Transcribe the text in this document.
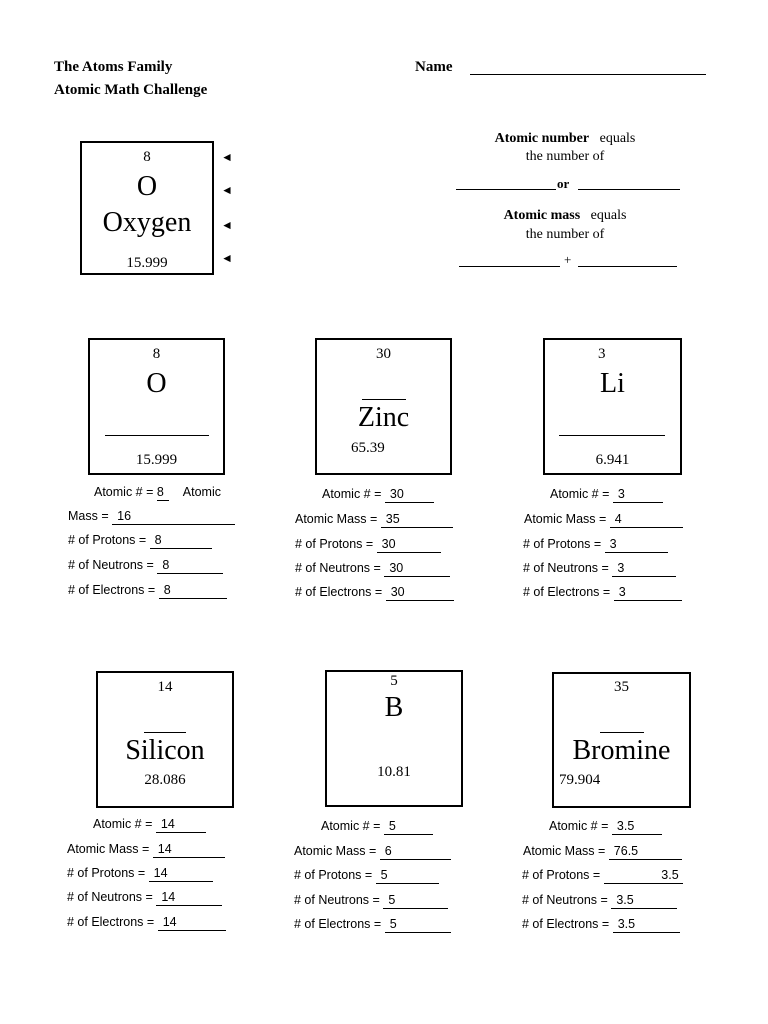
The Atoms Family
Atomic Math Challenge
Name
8
O
Oxygen
15.999
◄
◄
◄
◄
Atomic number equals
the number of
or
Atomic mass equals
the number of
+
8
O
15.999
30
Zinc
65.39
3
Li
6.941
Atomic # = 8 Atomic
Mass = 16
# of Protons = 8
# of Neutrons = 8
# of Electrons = 8
Atomic # = 30
Atomic Mass = 35
# of Protons = 30
# of Neutrons = 30
# of Electrons = 30
Atomic # = 3
Atomic Mass = 4
# of Protons = 3
# of Neutrons = 3
# of Electrons = 3
14
Silicon
28.086
5
B
10.81
35
Bromine
79.904
Atomic # = 14
Atomic Mass = 14
# of Protons = 14
# of Neutrons = 14
# of Electrons = 14
Atomic # = 5
Atomic Mass = 6
# of Protons = 5
# of Neutrons = 5
# of Electrons = 5
Atomic # = 3.5
Atomic Mass = 76.5
# of Protons =	3.5
# of Neutrons = 3.5
# of Electrons = 3.5
